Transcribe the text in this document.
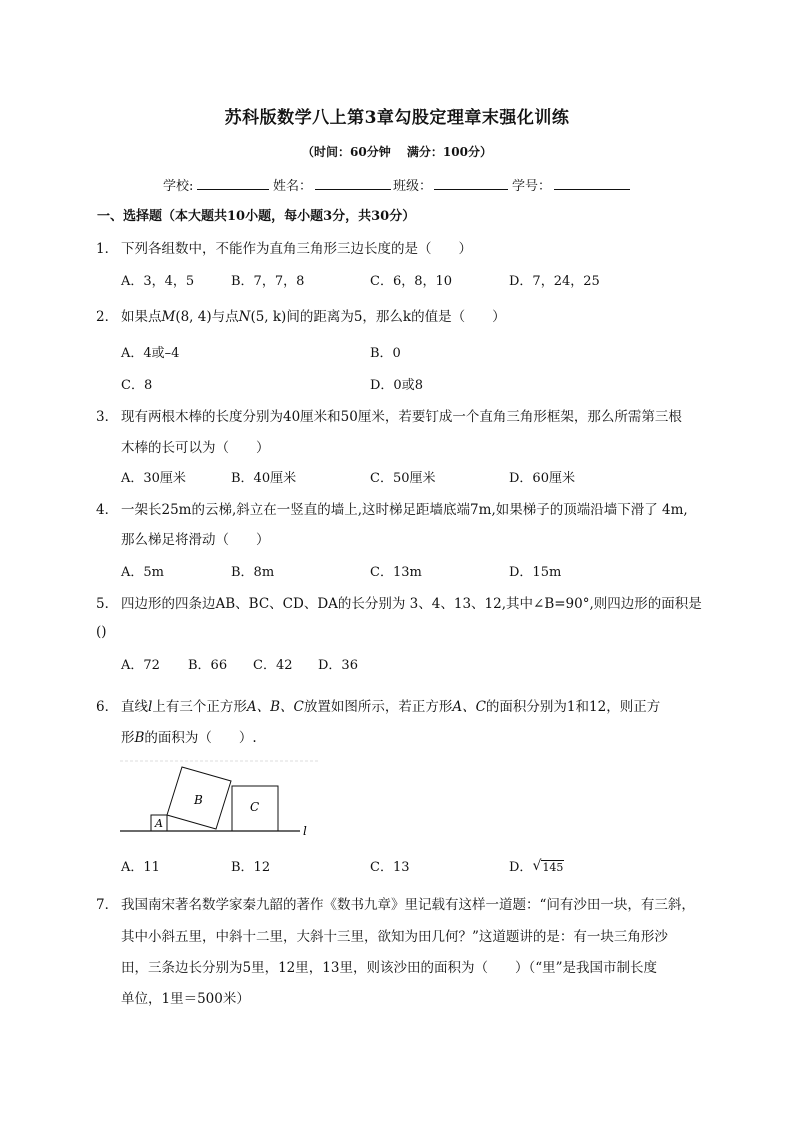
苏科版数学八上第3章勾股定理章末强化训练
（时间：60分钟　 满分：100分）
学校:	姓名：	班级：	学号：
一、选择题（本大题共10小题，每小题3分，共30分）
1． 下列各组数中，不能作为直角三角形三边长度的是（　　）
A．3，4，5	B．7，7，8	C．6，8，10	D．7，24，25
2． 如果点M(8, 4)与点N(5, k)间的距离为5，那么k的值是（　　）
A．4或–4	B．0
C．8	D．0或8
3． 现有两根木棒的长度分别为40厘米和50厘米，若要钉成一个直角三角形框架，那么所需第三根
木棒的长可以为（　　）
A．30厘米	B．40厘米	C．50厘米	D．60厘米
4． 一架长25m的云梯,斜立在一竖直的墙上,这时梯足距墙底端7m,如果梯子的顶端沿墙下滑了 4m,
那么梯足将滑动（　　）
A．5m	B．8m	C．13m	D．15m
5． 四边形的四条边AB、BC、CD、DA的长分别为 3、4、13、12,其中∠B=90°,则四边形的面积是
()
A．72 B．66 C．42 D．36
6． 直线l上有三个正方形A、B、C放置如图所示，若正方形A、C的面积分别为1和12，则正方
形B的面积为（　　）.
A
B	C
l
A．11	B．12	C．13	D． √ 145
7． 我国南宋著名数学家秦九韶的著作《数书九章》里记载有这样一道题：“问有沙田一块，有三斜，
其中小斜五里，中斜十二里，大斜十三里，欲知为田几何？”这道题讲的是：有一块三角形沙
田，三条边长分别为5里，12里，13里，则该沙田的面积为（　　）（“里”是我国市制长度
单位，1里＝500米）
